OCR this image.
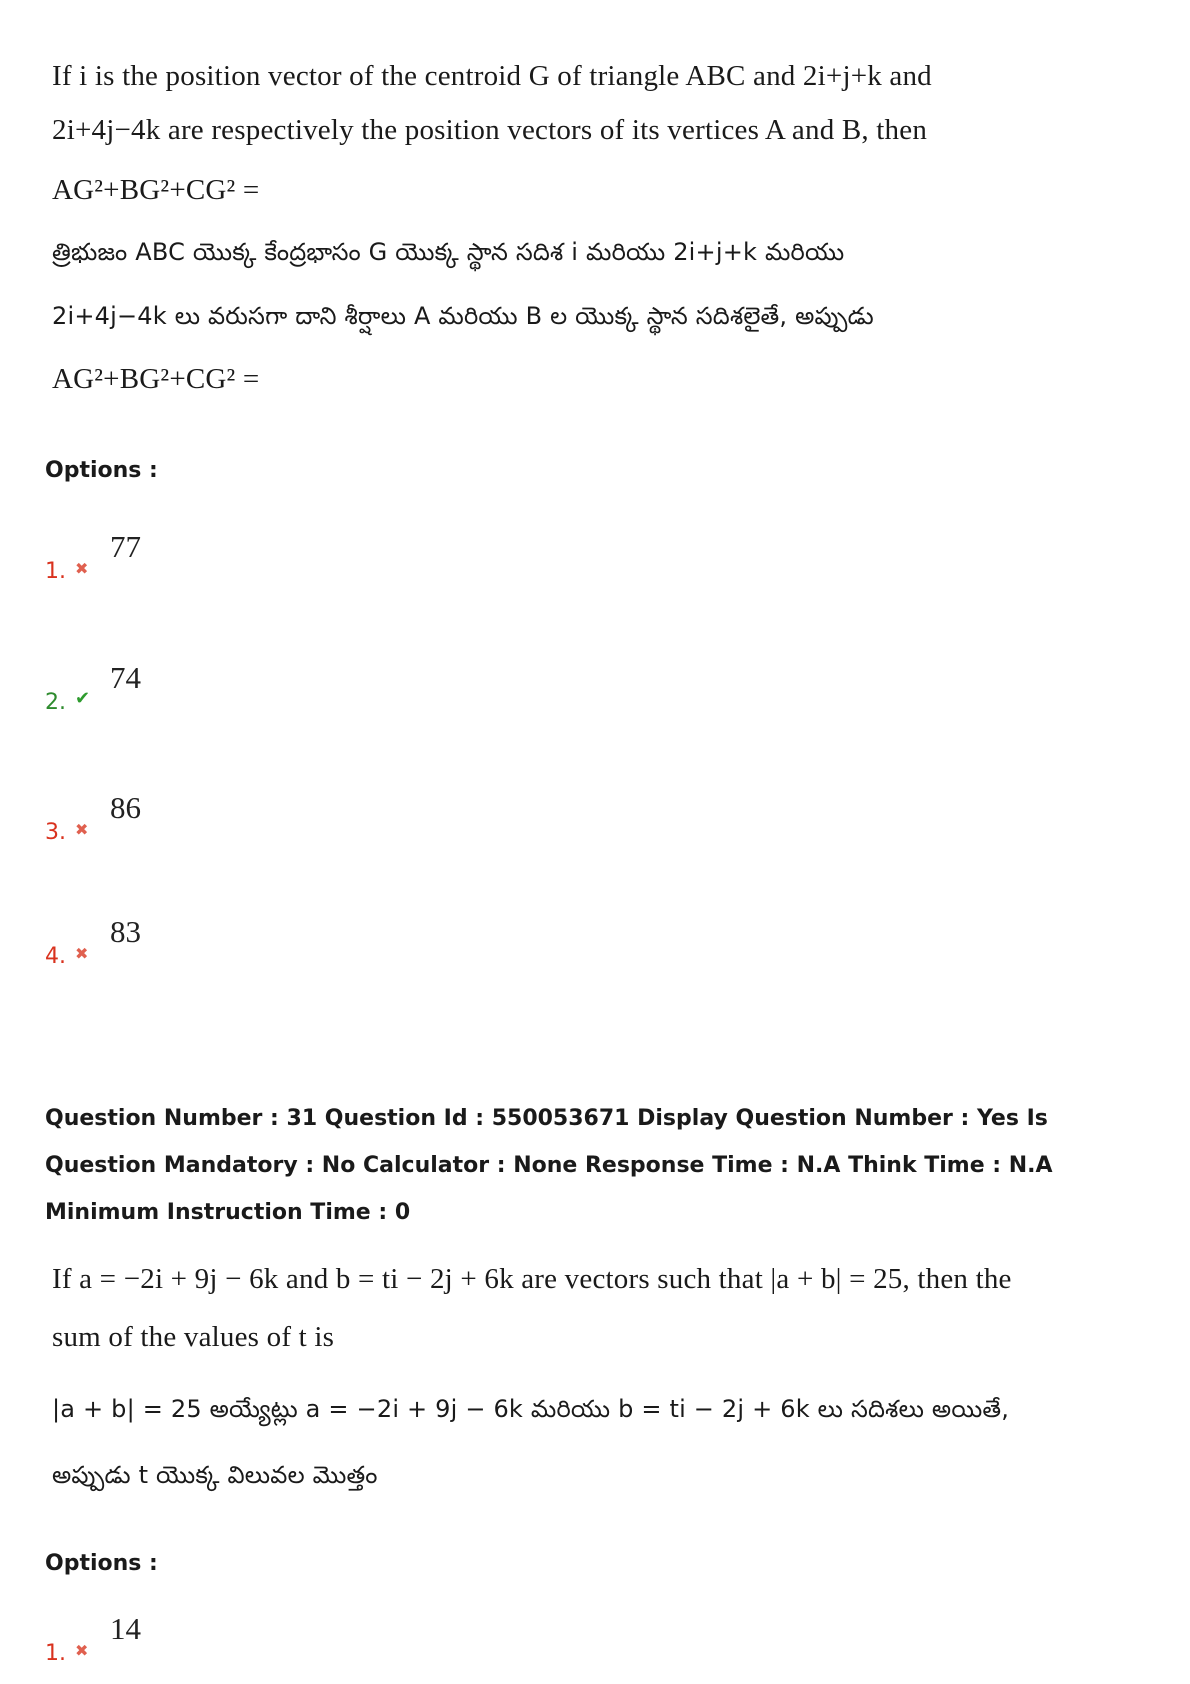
If i is the position vector of the centroid G of triangle ABC and 2i+j+k and
2i+4j−4k are respectively the position vectors of its vertices A and B, then
AG²+BG²+CG² =
త్రిభుజం ABC యొక్క కేంద్రభాసం G యొక్క స్థాన సదిశ i మరియు 2i+j+k మరియు
2i+4j−4k లు వరుసగా దాని శీర్షాలు A మరియు B ల యొక్క స్థాన సదిశలైతే, అప్పుడు
AG²+BG²+CG² =
Options :
1. ✖
77
2. ✔
74
3. ✖
86
4. ✖
83
Question Number : 31 Question Id : 550053671 Display Question Number : Yes Is Question Mandatory : No Calculator : None Response Time : N.A Think Time : N.A Minimum Instruction Time : 0
If a = −2i + 9j − 6k and b = ti − 2j + 6k are vectors such that |a + b| = 25, then the
sum of the values of t is
|a + b| = 25 అయ్యేట్లు a = −2i + 9j − 6k మరియు b = ti − 2j + 6k లు సదిశలు అయితే,
అప్పుడు t యొక్క విలువల మొత్తం
Options :
1. ✖
14
